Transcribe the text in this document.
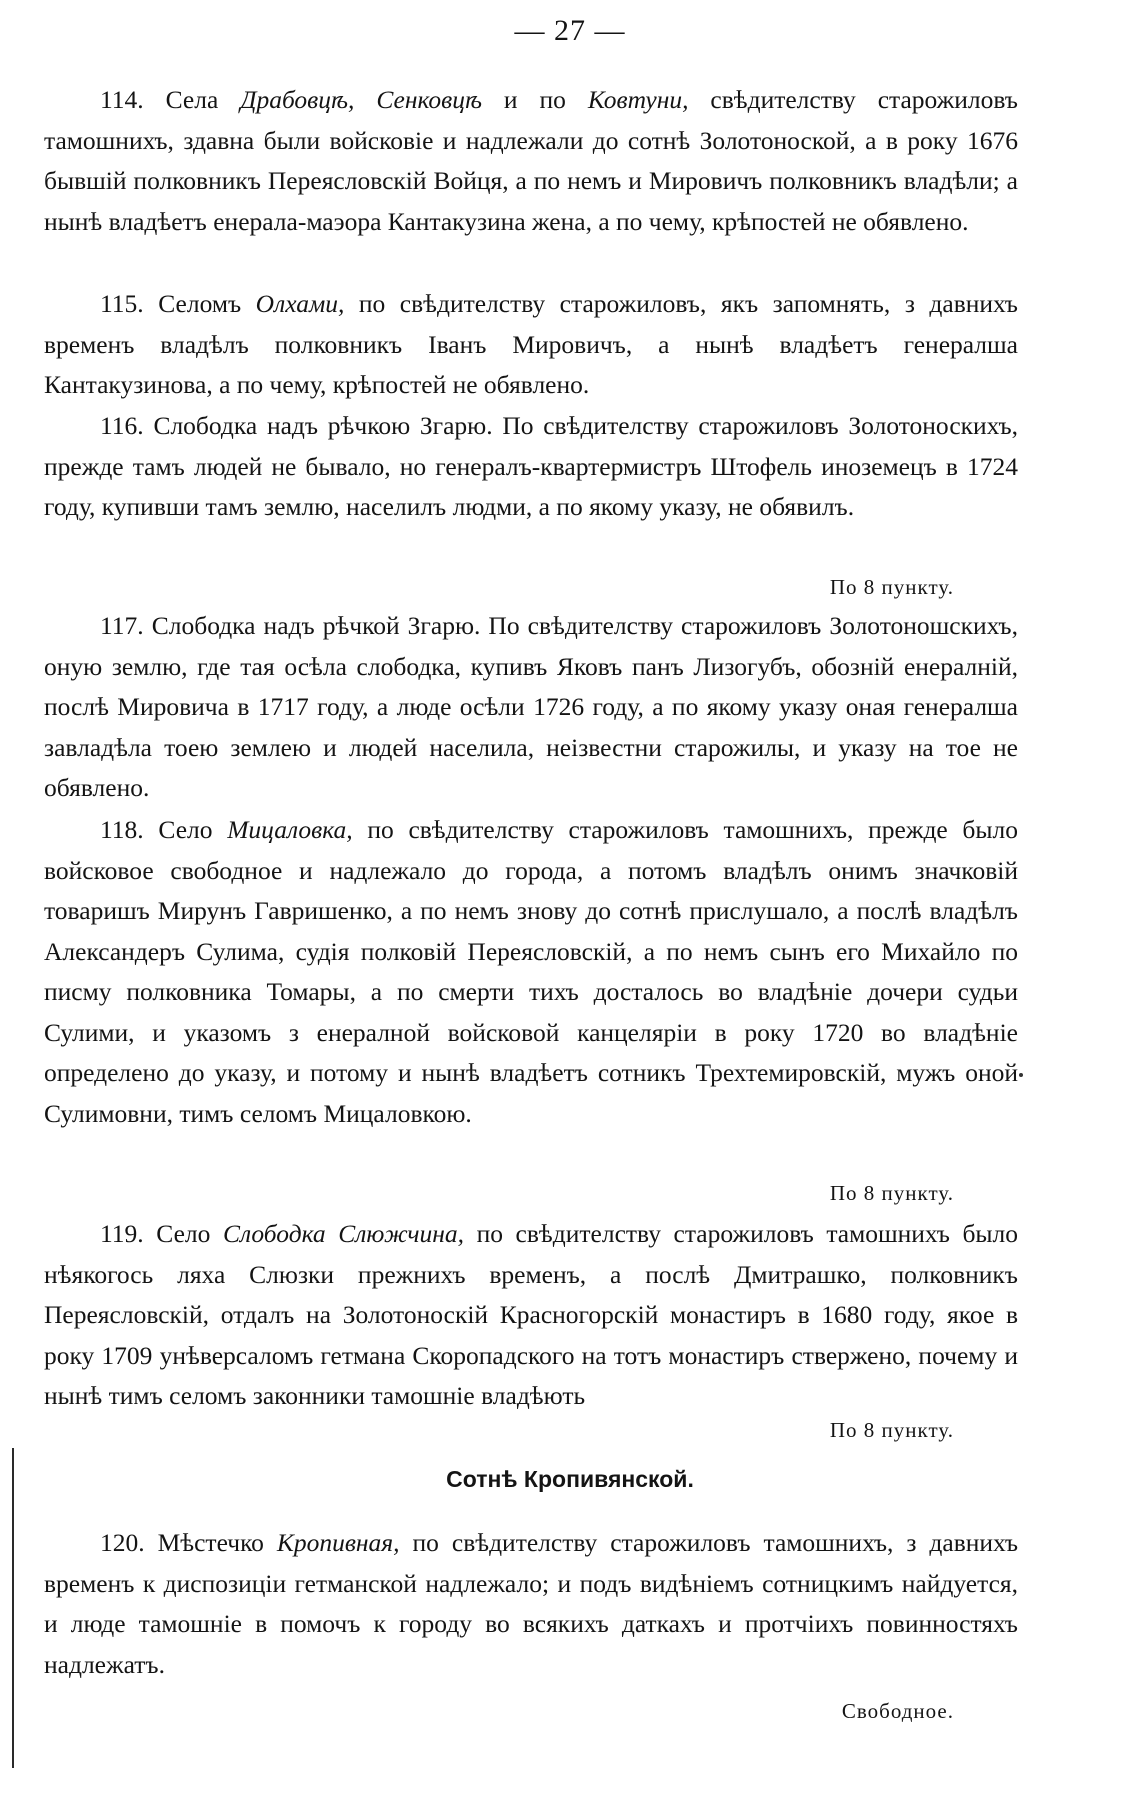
— 27 —
114. Села Драбовцѣ, Сенковцѣ и по Ковтуни, свѣдителству старожиловъ тамошнихъ, здавна были войсковіе и надлежали до сотнѣ Золотоноской, а в року 1676 бывшій полковникъ Переясловскій Войця, а по немъ и Мировичъ полковникъ владѣли; а нынѣ владѣетъ енерала-маэора Кантакузина жена, а по чему, крѣпостей не обявлено.
115. Селомъ Олхами, по свѣдителству старожиловъ, якъ запомнять, з давнихъ временъ владѣлъ полковникъ Іванъ Мировичъ, а нынѣ владѣетъ генералша Кантакузинова, а по чему, крѣпостей не обявлено.
116. Слободка надъ рѣчкою Згарю. По свѣдителству старожиловъ Золотоноскихъ, прежде тамъ людей не бывало, но генералъ-квартермистръ Штофель иноземецъ в 1724 году, купивши тамъ землю, населилъ людми, а по якому указу, не обявилъ.
По 8 пункту.
117. Слободка надъ рѣчкой Згарю. По свѣдителству старожиловъ Золотоношскихъ, оную землю, где тая осѣла слободка, купивъ Яковъ панъ Лизогубъ, обозній енералній, послѣ Мировича в 1717 году, а люде осѣли 1726 году, а по якому указу оная генералша завладѣла тоею землею и людей населила, неізвестни старожилы, и указу на тое не обявлено.
118. Село Мицаловка, по свѣдителству старожиловъ тамошнихъ, прежде было войсковое свободное и надлежало до города, а потомъ владѣлъ онимъ значковій товаришъ Мирунъ Гавришенко, а по немъ знову до сотнѣ прислушало, а послѣ владѣлъ Александеръ Сулима, судія полковій Переясловскій, а по немъ сынъ его Михайло по писму полковника Томары, а по смерти тихъ досталось во владѣніе дочери судьи Сулими, и указомъ з енералной войсковой канцеляріи в року 1720 во владѣніе определено до указу, и потому и нынѣ владѣетъ сотникъ Трехтемировскій, мужъ оной Сулимовни, тимъ селомъ Мицаловкою.
По 8 пункту.
119. Село Слободка Слюжчина, по свѣдителству старожиловъ тамошнихъ было нѣякогось ляха Слюзки прежнихъ временъ, а послѣ Дмитрашко, полковникъ Переясловскій, отдалъ на Золотоноскій Красногорскій монастиръ в 1680 году, якое в року 1709 унѣверсаломъ гетмана Скоропадского на тотъ монастиръ ствержено, почему и нынѣ тимъ селомъ законники тамошніе владѣють
По 8 пункту.
Сотнѣ Кропивянской.
120. Мѣстечко Кропивная, по свѣдителству старожиловъ тамошнихъ, з давнихъ временъ к диспозиціи гетманской надлежало; и подъ видѣніемъ сотницкимъ найдуется, и люде тамошніе в помочъ к городу во всякихъ даткахъ и протчіихъ повинностяхъ надлежатъ.
Свободное.
